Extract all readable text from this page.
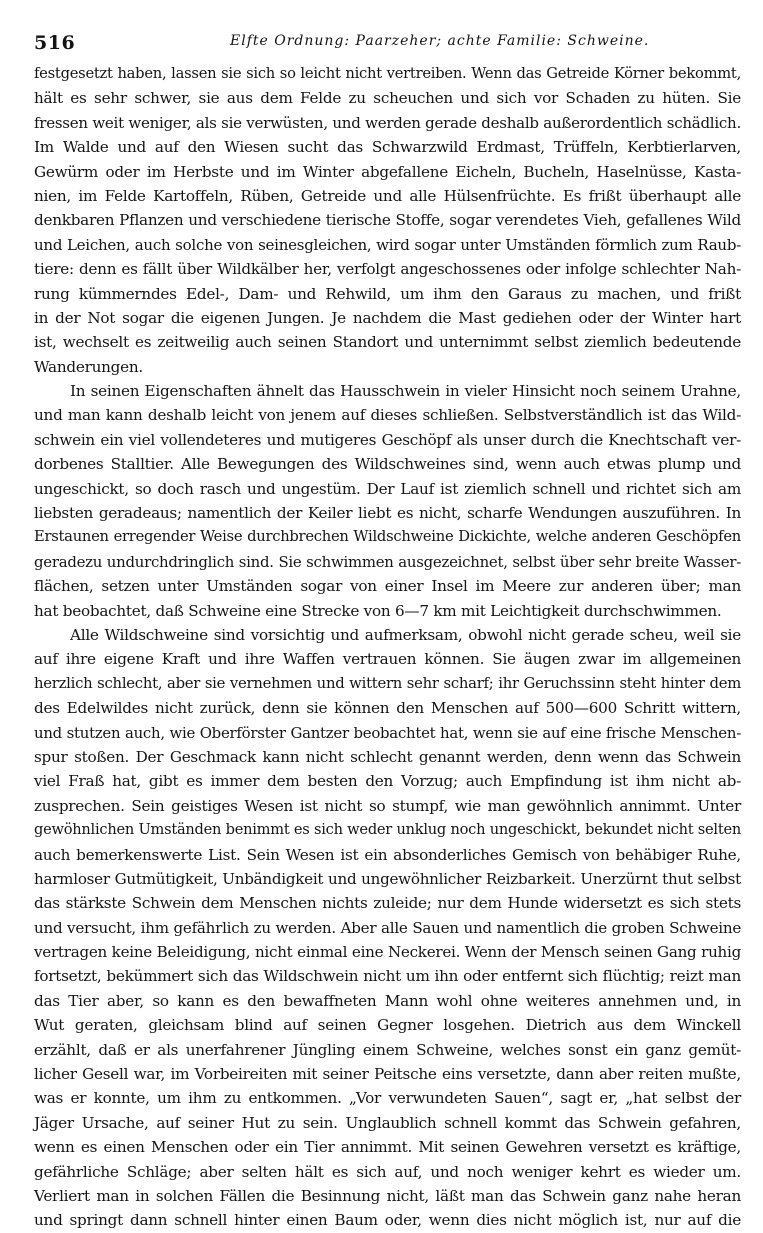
516	Elfte Ordnung: Paarzeher; achte Familie: Schweine.
festgesetzt haben, lassen sie sich so leicht nicht vertreiben. Wenn das Getreide Körner bekommt,
hält es sehr schwer, sie aus dem Felde zu scheuchen und sich vor Schaden zu hüten. Sie
fressen weit weniger, als sie verwüsten, und werden gerade deshalb außerordentlich schädlich.
Im Walde und auf den Wiesen sucht das Schwarzwild Erdmast, Trüffeln, Kerbtierlarven,
Gewürm oder im Herbste und im Winter abgefallene Eicheln, Bucheln, Haselnüsse, Kasta-
nien, im Felde Kartoffeln, Rüben, Getreide und alle Hülsenfrüchte. Es frißt überhaupt alle
denkbaren Pflanzen und verschiedene tierische Stoffe, sogar verendetes Vieh, gefallenes Wild
und Leichen, auch solche von seinesgleichen, wird sogar unter Umständen förmlich zum Raub-
tiere: denn es fällt über Wildkälber her, verfolgt angeschossenes oder infolge schlechter Nah-
rung kümmerndes Edel-, Dam- und Rehwild, um ihm den Garaus zu machen, und frißt
in der Not sogar die eigenen Jungen. Je nachdem die Mast gediehen oder der Winter hart
ist, wechselt es zeitweilig auch seinen Standort und unternimmt selbst ziemlich bedeutende
Wanderungen.
In seinen Eigenschaften ähnelt das Hausschwein in vieler Hinsicht noch seinem Urahne,
und man kann deshalb leicht von jenem auf dieses schließen. Selbstverständlich ist das Wild-
schwein ein viel vollendeteres und mutigeres Geschöpf als unser durch die Knechtschaft ver-
dorbenes Stalltier. Alle Bewegungen des Wildschweines sind, wenn auch etwas plump und
ungeschickt, so doch rasch und ungestüm. Der Lauf ist ziemlich schnell und richtet sich am
liebsten geradeaus; namentlich der Keiler liebt es nicht, scharfe Wendungen auszuführen. In
Erstaunen erregender Weise durchbrechen Wildschweine Dickichte, welche anderen Geschöpfen
geradezu undurchdringlich sind. Sie schwimmen ausgezeichnet, selbst über sehr breite Wasser-
flächen, setzen unter Umständen sogar von einer Insel im Meere zur anderen über; man
hat beobachtet, daß Schweine eine Strecke von 6—7 km mit Leichtigkeit durchschwimmen.
Alle Wildschweine sind vorsichtig und aufmerksam, obwohl nicht gerade scheu, weil sie
auf ihre eigene Kraft und ihre Waffen vertrauen können. Sie äugen zwar im allgemeinen
herzlich schlecht, aber sie vernehmen und wittern sehr scharf; ihr Geruchssinn steht hinter dem
des Edelwildes nicht zurück, denn sie können den Menschen auf 500—600 Schritt wittern,
und stutzen auch, wie Oberförster Gantzer beobachtet hat, wenn sie auf eine frische Menschen-
spur stoßen. Der Geschmack kann nicht schlecht genannt werden, denn wenn das Schwein
viel Fraß hat, gibt es immer dem besten den Vorzug; auch Empfindung ist ihm nicht ab-
zusprechen. Sein geistiges Wesen ist nicht so stumpf, wie man gewöhnlich annimmt. Unter
gewöhnlichen Umständen benimmt es sich weder unklug noch ungeschickt, bekundet nicht selten
auch bemerkenswerte List. Sein Wesen ist ein absonderliches Gemisch von behäbiger Ruhe,
harmloser Gutmütigkeit, Unbändigkeit und ungewöhnlicher Reizbarkeit. Unerzürnt thut selbst
das stärkste Schwein dem Menschen nichts zuleide; nur dem Hunde widersetzt es sich stets
und versucht, ihm gefährlich zu werden. Aber alle Sauen und namentlich die groben Schweine
vertragen keine Beleidigung, nicht einmal eine Neckerei. Wenn der Mensch seinen Gang ruhig
fortsetzt, bekümmert sich das Wildschwein nicht um ihn oder entfernt sich flüchtig; reizt man
das Tier aber, so kann es den bewaffneten Mann wohl ohne weiteres annehmen und, in
Wut geraten, gleichsam blind auf seinen Gegner losgehen. Dietrich aus dem Winckell
erzählt, daß er als unerfahrener Jüngling einem Schweine, welches sonst ein ganz gemüt-
licher Gesell war, im Vorbeireiten mit seiner Peitsche eins versetzte, dann aber reiten mußte,
was er konnte, um ihm zu entkommen. „Vor verwundeten Sauen“, sagt er, „hat selbst der
Jäger Ursache, auf seiner Hut zu sein. Unglaublich schnell kommt das Schwein gefahren,
wenn es einen Menschen oder ein Tier annimmt. Mit seinen Gewehren versetzt es kräftige,
gefährliche Schläge; aber selten hält es sich auf, und noch weniger kehrt es wieder um.
Verliert man in solchen Fällen die Besinnung nicht, läßt man das Schwein ganz nahe heran
und springt dann schnell hinter einen Baum oder, wenn dies nicht möglich ist, nur auf die
